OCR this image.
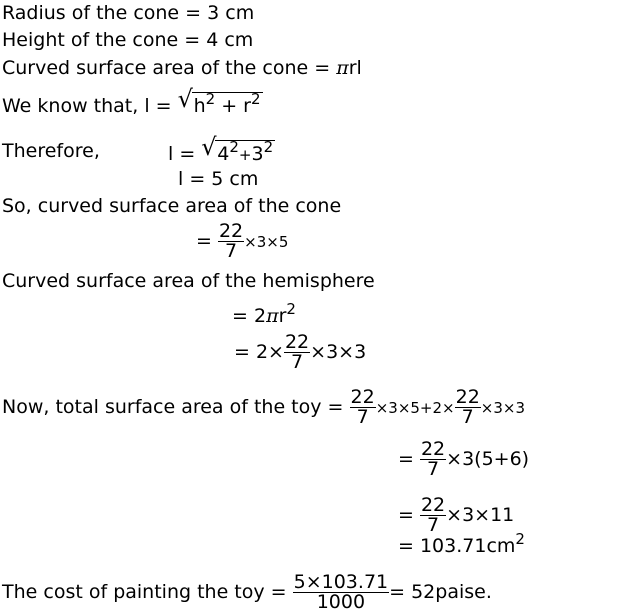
Radius of the cone = 3 cm
Height of the cone = 4 cm
Curved surface area of the cone = πrl
We know that, l = √ $h^2 + r^2$
Therefore,	l = √ $4^2+3^2$
l = 5 cm
So, curved surface area of the cone
= $\frac{22}{7} \times 3\times 5$
Curved surface area of the hemisphere
= $2\pi r^2$
= $2\times \frac{22}{7} \times 3\times 3$
Now, total surface area of the toy = $\frac{22}{7} \times 3\times 5+2\times \frac{22}{7} \times 3\times 3$
= $\frac{22}{7} \times 3(5+6)$
= $\frac{22}{7} \times 3\times 11$
= $103.71cm^2$
The cost of painting the toy = $\frac{5\times 103.71}{1000}$ = 52paise.
